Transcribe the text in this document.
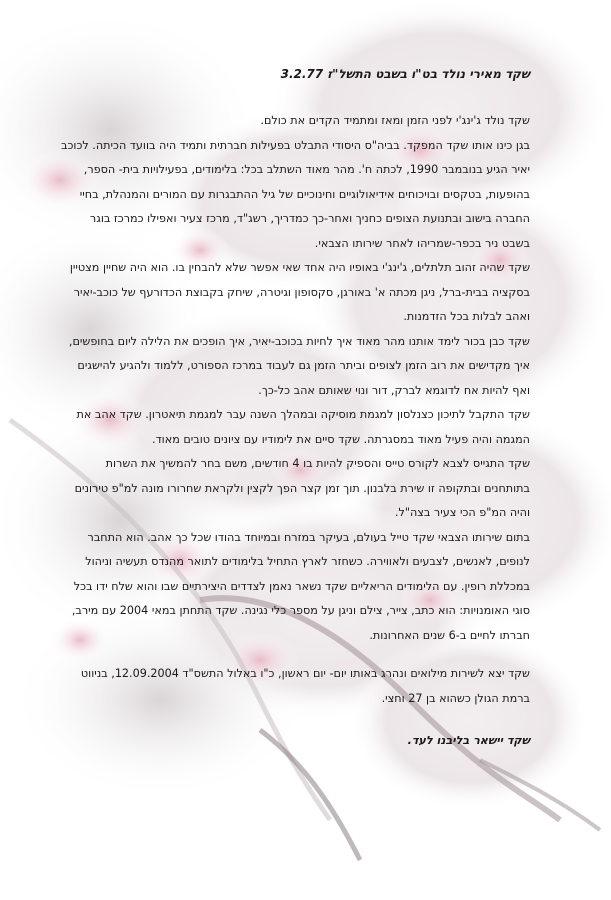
שקד מאירי נולד בט"ו בשבט התשל"ז 3.2.77

שקד נולד ג'ינג'י לפני הזמן ומאז ומתמיד הקדים את כולם.

בגן כינו אותו שקד המפקד. בביה"ס היסודי התבלט בפעילות חברתית ותמיד היה בוועד הכיתה. לכוכב יאיר הגיע בנובמבר 1990, לכתה ח'. מהר מאוד השתלב בכל: בלימודים, בפעילויות בית- הספר, בהופעות, בטקסים ובויכוחים אידיאולוגיים וחינוכיים של גיל ההתבגרות עם המורים והמנהלת, בחיי החברה בישוב ובתנועת הצופים כחניך ואחר-כך כמדריך, רשג"ד, מרכז צעיר ואפילו כמרכז בוגר בשבט ניר בכפר-שמריהו לאחר שירותו הצבאי.

שקד שהיה זהוב תלתלים, ג'ינג'י באופיו היה אחד שאי אפשר שלא להבחין בו. הוא היה שחיין מצטיין בסקציה בבית-ברל, ניגן מכתה א' באורגן, סקסופון וגיטרה, שיחק בקבוצת הכדורעף של כוכב-יאיר ואהב לבלות בכל הזדמנות.

שקד כבן בכור לימד אותנו מהר מאוד איך לחיות בכוכב-יאיר, איך הופכים את הלילה ליום בחופשים, איך מקדישים את רוב הזמן לצופים וביתר הזמן גם לעבוד במרכז הספורט, ללמוד ולהגיע להישגים ואף להיות אח לדוגמא לברק, דור ונוי שאותם אהב כל-כך.

שקד התקבל לתיכון כצנלסון למגמת מוסיקה ובמהלך השנה עבר למגמת תיאטרון. שקד אהב את המגמה והיה פעיל מאוד במסגרתה. שקד סיים את לימודיו עם ציונים טובים מאוד.

שקד התגייס לצבא לקורס טייס והספיק להיות בו 4 חודשים, משם בחר להמשיך את השרות בתותחנים ובתקופה זו שירת בלבנון. תוך זמן קצר הפך לקצין ולקראת שחרורו מונה למ"פ טירונים והיה המ"פ הכי צעיר בצה"ל.

בתום שירותו הצבאי שקד טייל בעולם, בעיקר במזרח ובמיוחד בהודו שכל כך אהב. הוא התחבר לנופים, לאנשים, לצבעים ולאווירה. כשחזר לארץ התחיל בלימודים לתואר מהנדס תעשיה וניהול במכללת רופין. עם הלימודים הריאליים שקד נשאר נאמן לצדדים היצירתיים שבו והוא שלח ידו בכל סוגי האומנויות: הוא כתב, צייר, צילם וניגן על מספר כלי נגינה. שקד התחתן במאי 2004 עם מירב, חברתו לחיים ב-6 שנים האחרונות.

שקד יצא לשירות מילואים ונהרג באותו יום- יום ראשון, כ"ו באלול התשס"ד 12.09.2004, בניווט ברמת הגולן כשהוא בן 27 וחצי.

שקד יישאר בליבנו לעד.
